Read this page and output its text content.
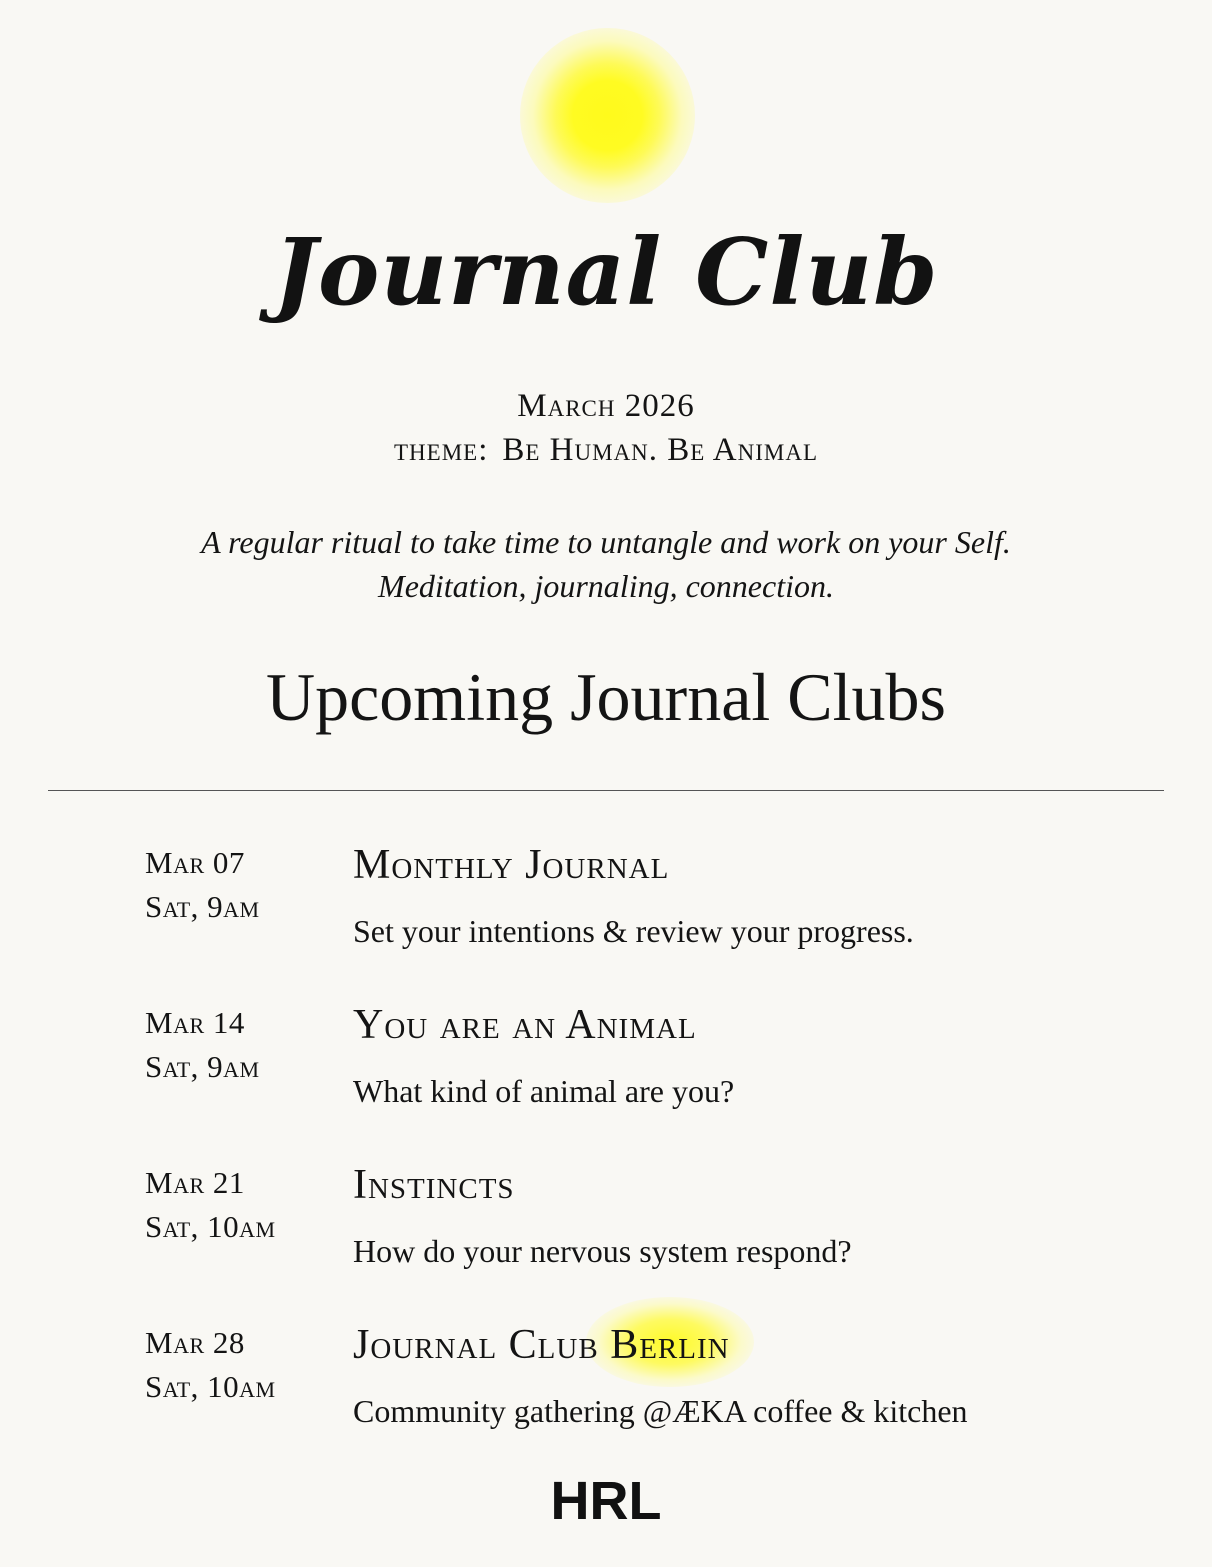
Journal Club
March 2026
theme: Be Human. Be Animal
A regular ritual to take time to untangle and work on your Self.
Meditation, journaling, connection.
Upcoming Journal Clubs
Mar 07
Sat, 9am
Monthly Journal
Set your intentions & review your progress.
Mar 14
Sat, 9am
You are an Animal
What kind of animal are you?
Mar 21
Sat, 10am
Instincts
How do your nervous system respond?
Mar 28
Sat, 10am
Journal Club Berlin
Community gathering @ÆKA coffee & kitchen
HRL
